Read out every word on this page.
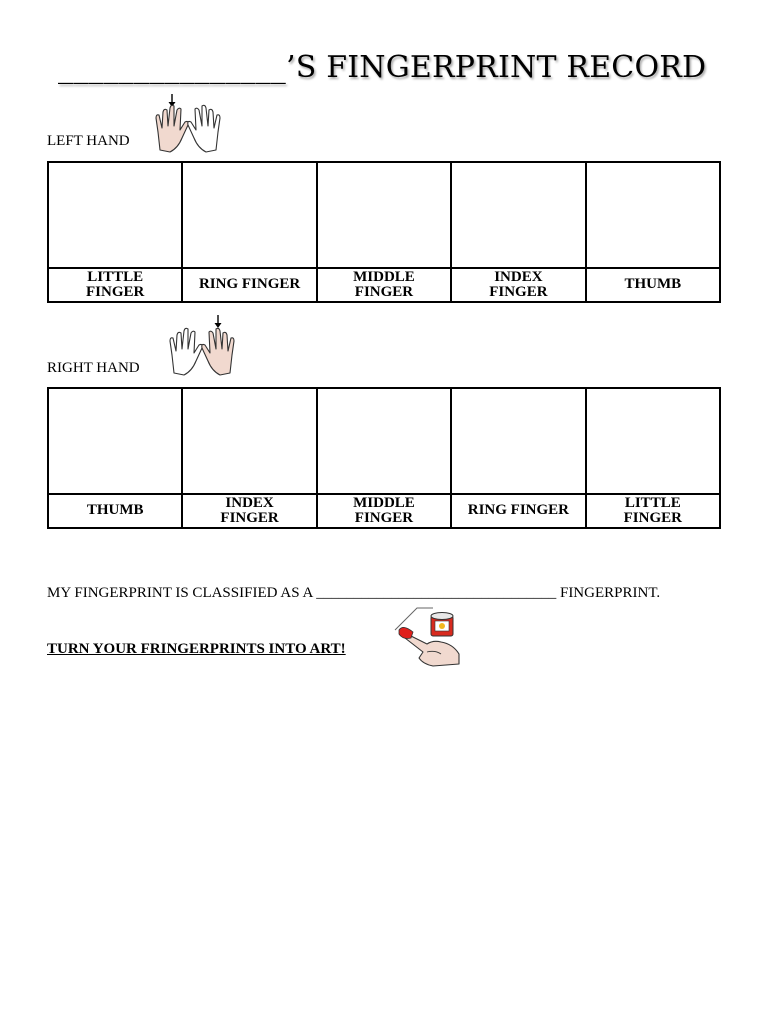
_______________’S FINGERPRINT RECORD
LEFT HAND

LITTLE FINGER	RING FINGER	MIDDLE FINGER	INDEX FINGER	THUMB
RIGHT HAND

THUMB	INDEX FINGER	MIDDLE FINGER	RING FINGER	LITTLE FINGER
MY FINGERPRINT IS CLASSIFIED AS A ________________________________ FINGERPRINT.
TURN YOUR FRINGERPRINTS INTO ART!
